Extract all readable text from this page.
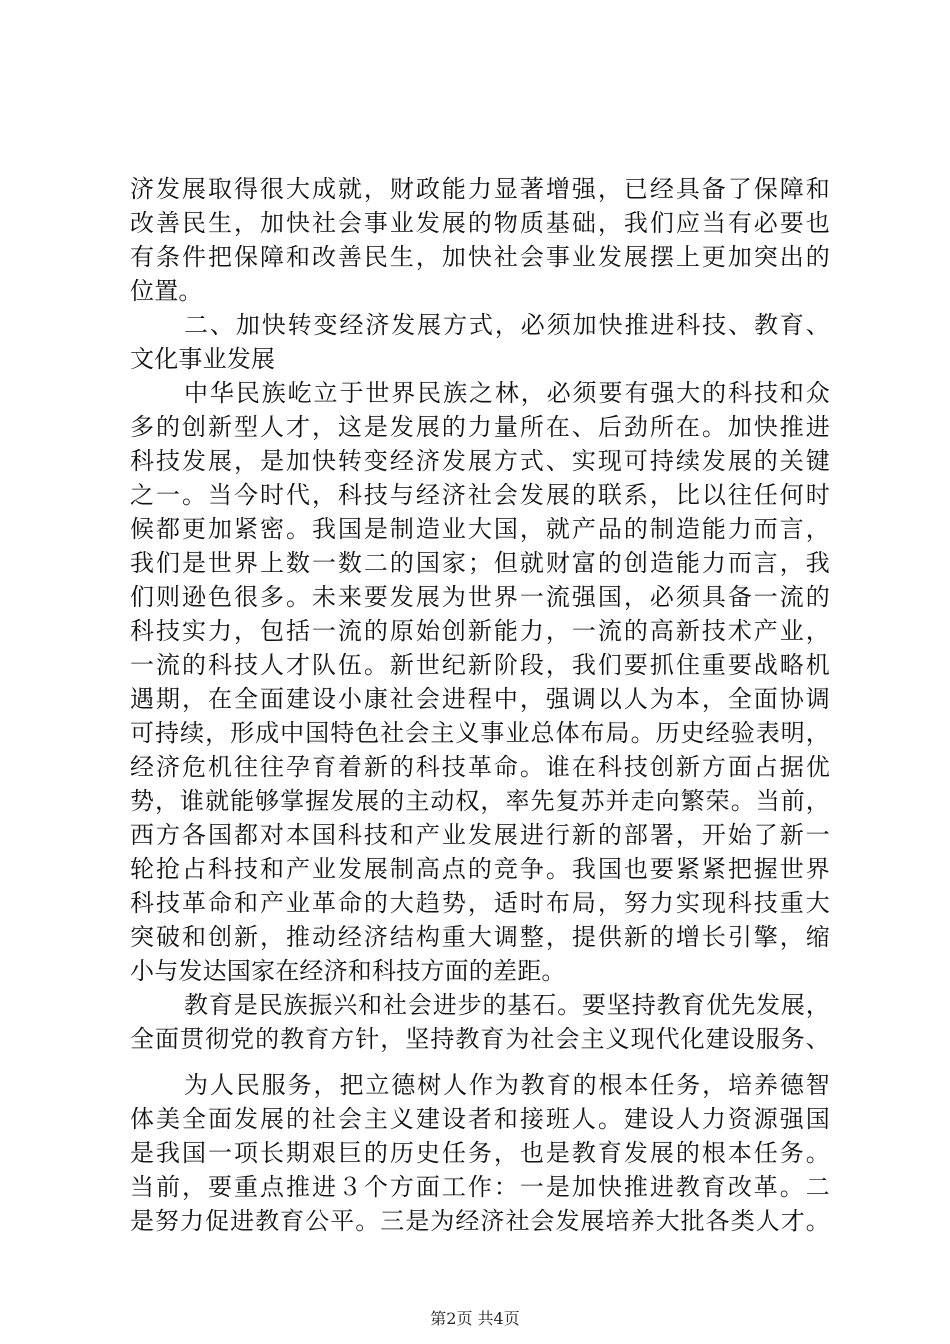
济发展取得很大成就，财政能力显著增强，已经具备了保障和
改善民生，加快社会事业发展的物质基础，我们应当有必要也
有条件把保障和改善民生，加快社会事业发展摆上更加突出的
位置。
二、加快转变经济发展方式，必须加快推进科技、教育、
文化事业发展
中华民族屹立于世界民族之林，必须要有强大的科技和众
多的创新型人才，这是发展的力量所在、后劲所在。加快推进
科技发展，是加快转变经济发展方式、实现可持续发展的关键
之一。当今时代，科技与经济社会发展的联系，比以往任何时
候都更加紧密。我国是制造业大国，就产品的制造能力而言，
我们是世界上数一数二的国家；但就财富的创造能力而言，我
们则逊色很多。未来要发展为世界一流强国，必须具备一流的
科技实力，包括一流的原始创新能力，一流的高新技术产业，
一流的科技人才队伍。新世纪新阶段，我们要抓住重要战略机
遇期，在全面建设小康社会进程中，强调以人为本，全面协调
可持续，形成中国特色社会主义事业总体布局。历史经验表明，
经济危机往往孕育着新的科技革命。谁在科技创新方面占据优
势，谁就能够掌握发展的主动权，率先复苏并走向繁荣。当前，
西方各国都对本国科技和产业发展进行新的部署，开始了新一
轮抢占科技和产业发展制高点的竞争。我国也要紧紧把握世界
科技革命和产业革命的大趋势，适时布局，努力实现科技重大
突破和创新，推动经济结构重大调整，提供新的增长引擎，缩
小与发达国家在经济和科技方面的差距。
教育是民族振兴和社会进步的基石。要坚持教育优先发展，
全面贯彻党的教育方针，坚持教育为社会主义现代化建设服务、
为人民服务，把立德树人作为教育的根本任务，培养德智
体美全面发展的社会主义建设者和接班人。建设人力资源强国
是我国一项长期艰巨的历史任务，也是教育发展的根本任务。
当前，要重点推进３个方面工作：一是加快推进教育改革。二
是努力促进教育公平。三是为经济社会发展培养大批各类人才。
第2页 共4页
